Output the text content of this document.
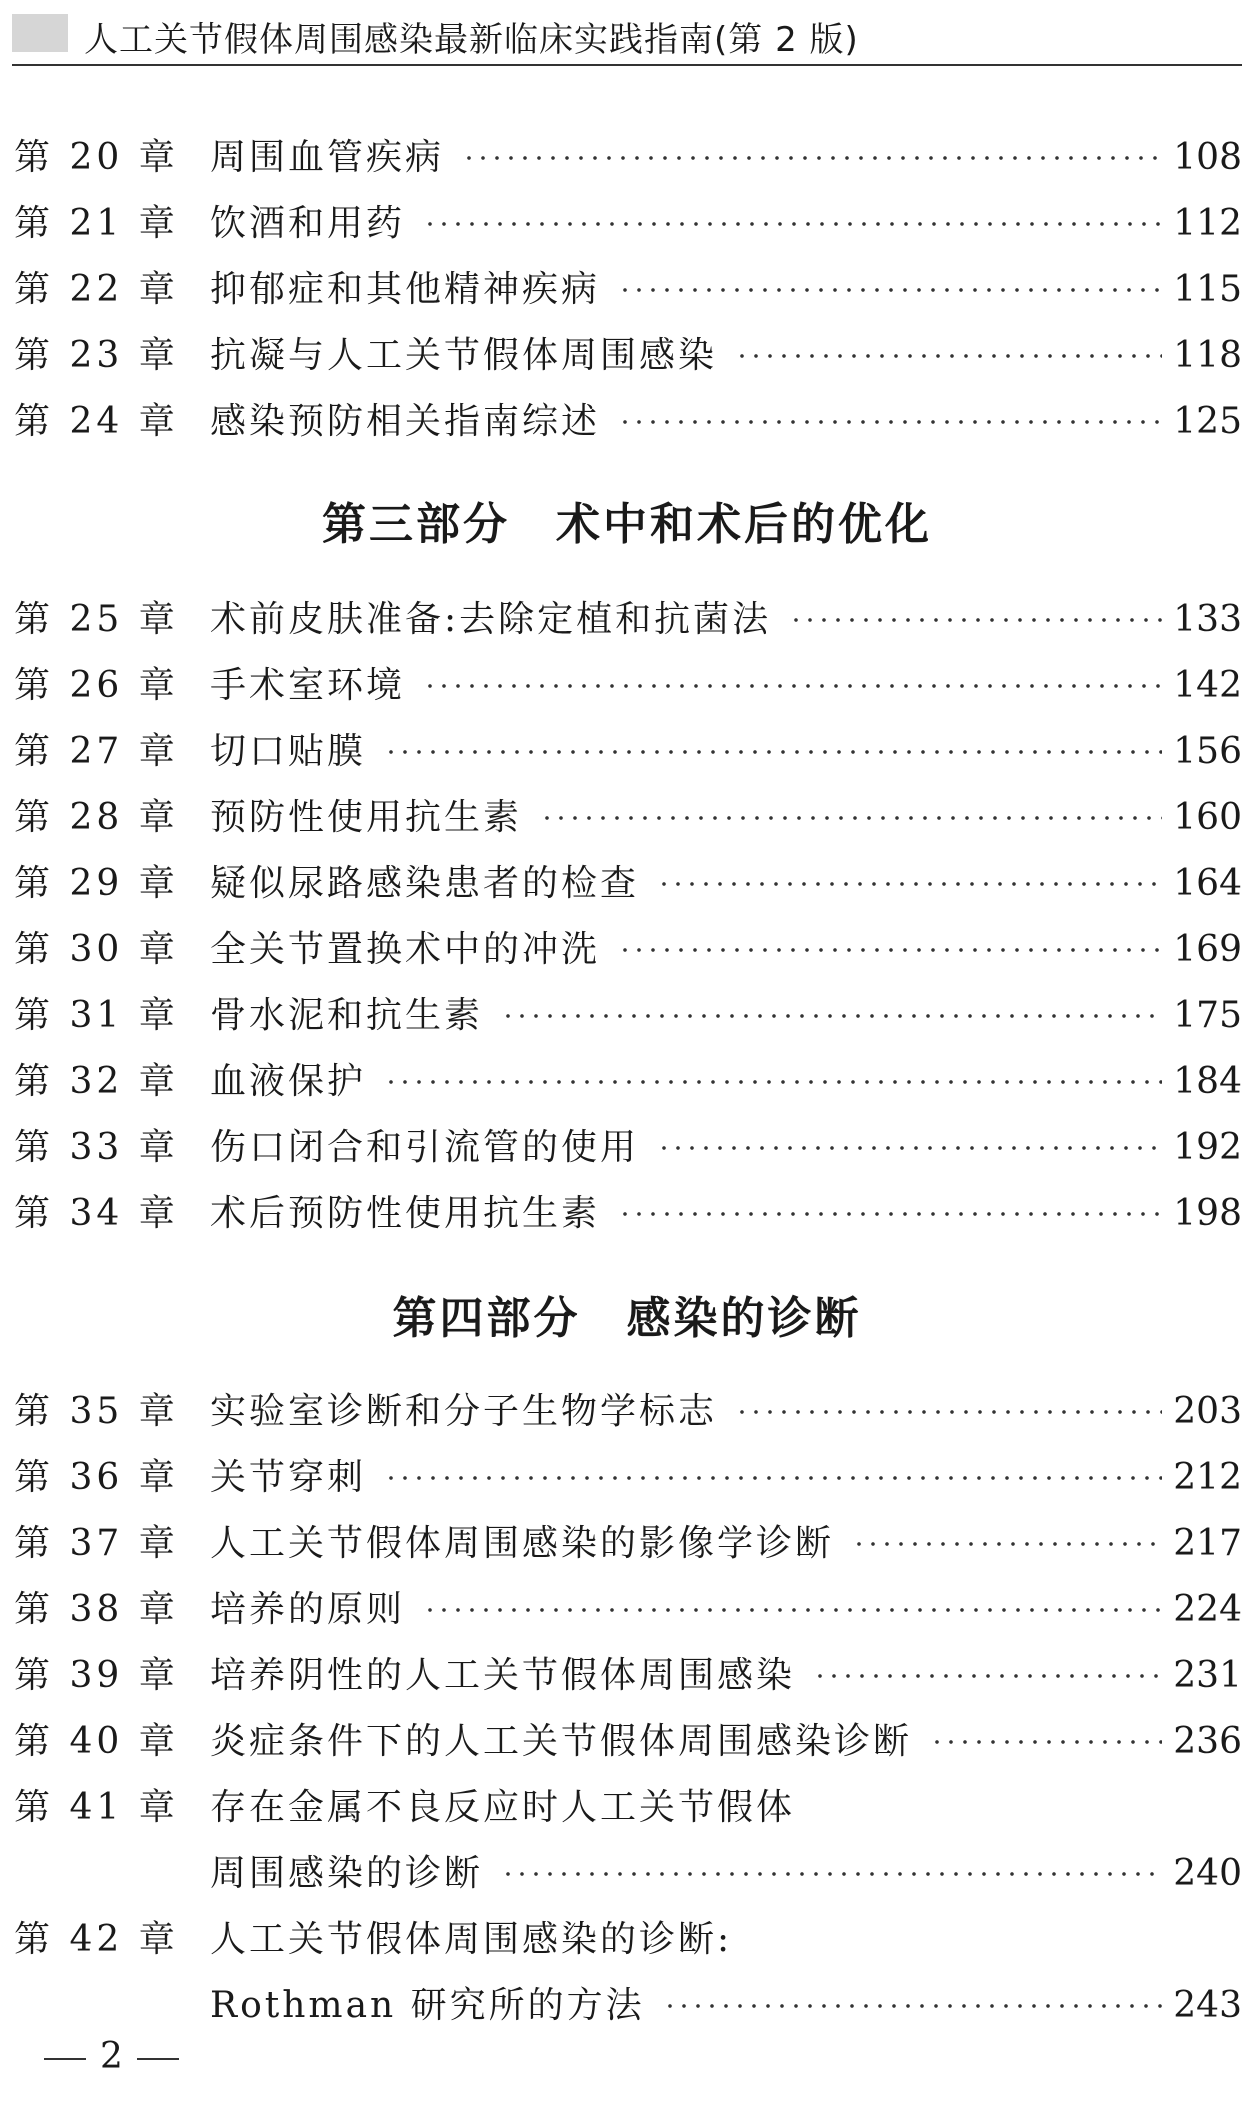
人工关节假体周围感染最新临床实践指南(第 2 版)
第 20 章 周围血管疾病	108
第 21 章 饮酒和用药	112
第 22 章 抑郁症和其他精神疾病	115
第 23 章 抗凝与人工关节假体周围感染	118
第 24 章 感染预防相关指南综述	125
第三部分 术中和术后的优化
第 25 章 术前皮肤准备:去除定植和抗菌法	133
第 26 章 手术室环境	142
第 27 章 切口贴膜	156
第 28 章 预防性使用抗生素	160
第 29 章 疑似尿路感染患者的检查	164
第 30 章 全关节置换术中的冲洗	169
第 31 章 骨水泥和抗生素	175
第 32 章 血液保护	184
第 33 章 伤口闭合和引流管的使用	192
第 34 章 术后预防性使用抗生素	198
第四部分 感染的诊断
第 35 章 实验室诊断和分子生物学标志	203
第 36 章 关节穿刺	212
第 37 章 人工关节假体周围感染的影像学诊断	217
第 38 章 培养的原则	224
第 39 章 培养阴性的人工关节假体周围感染	231
第 40 章 炎症条件下的人工关节假体周围感染诊断	236
第 41 章 存在金属不良反应时人工关节假体
周围感染的诊断	240
第 42 章 人工关节假体周围感染的诊断:
Rothman 研究所的方法	243
2
